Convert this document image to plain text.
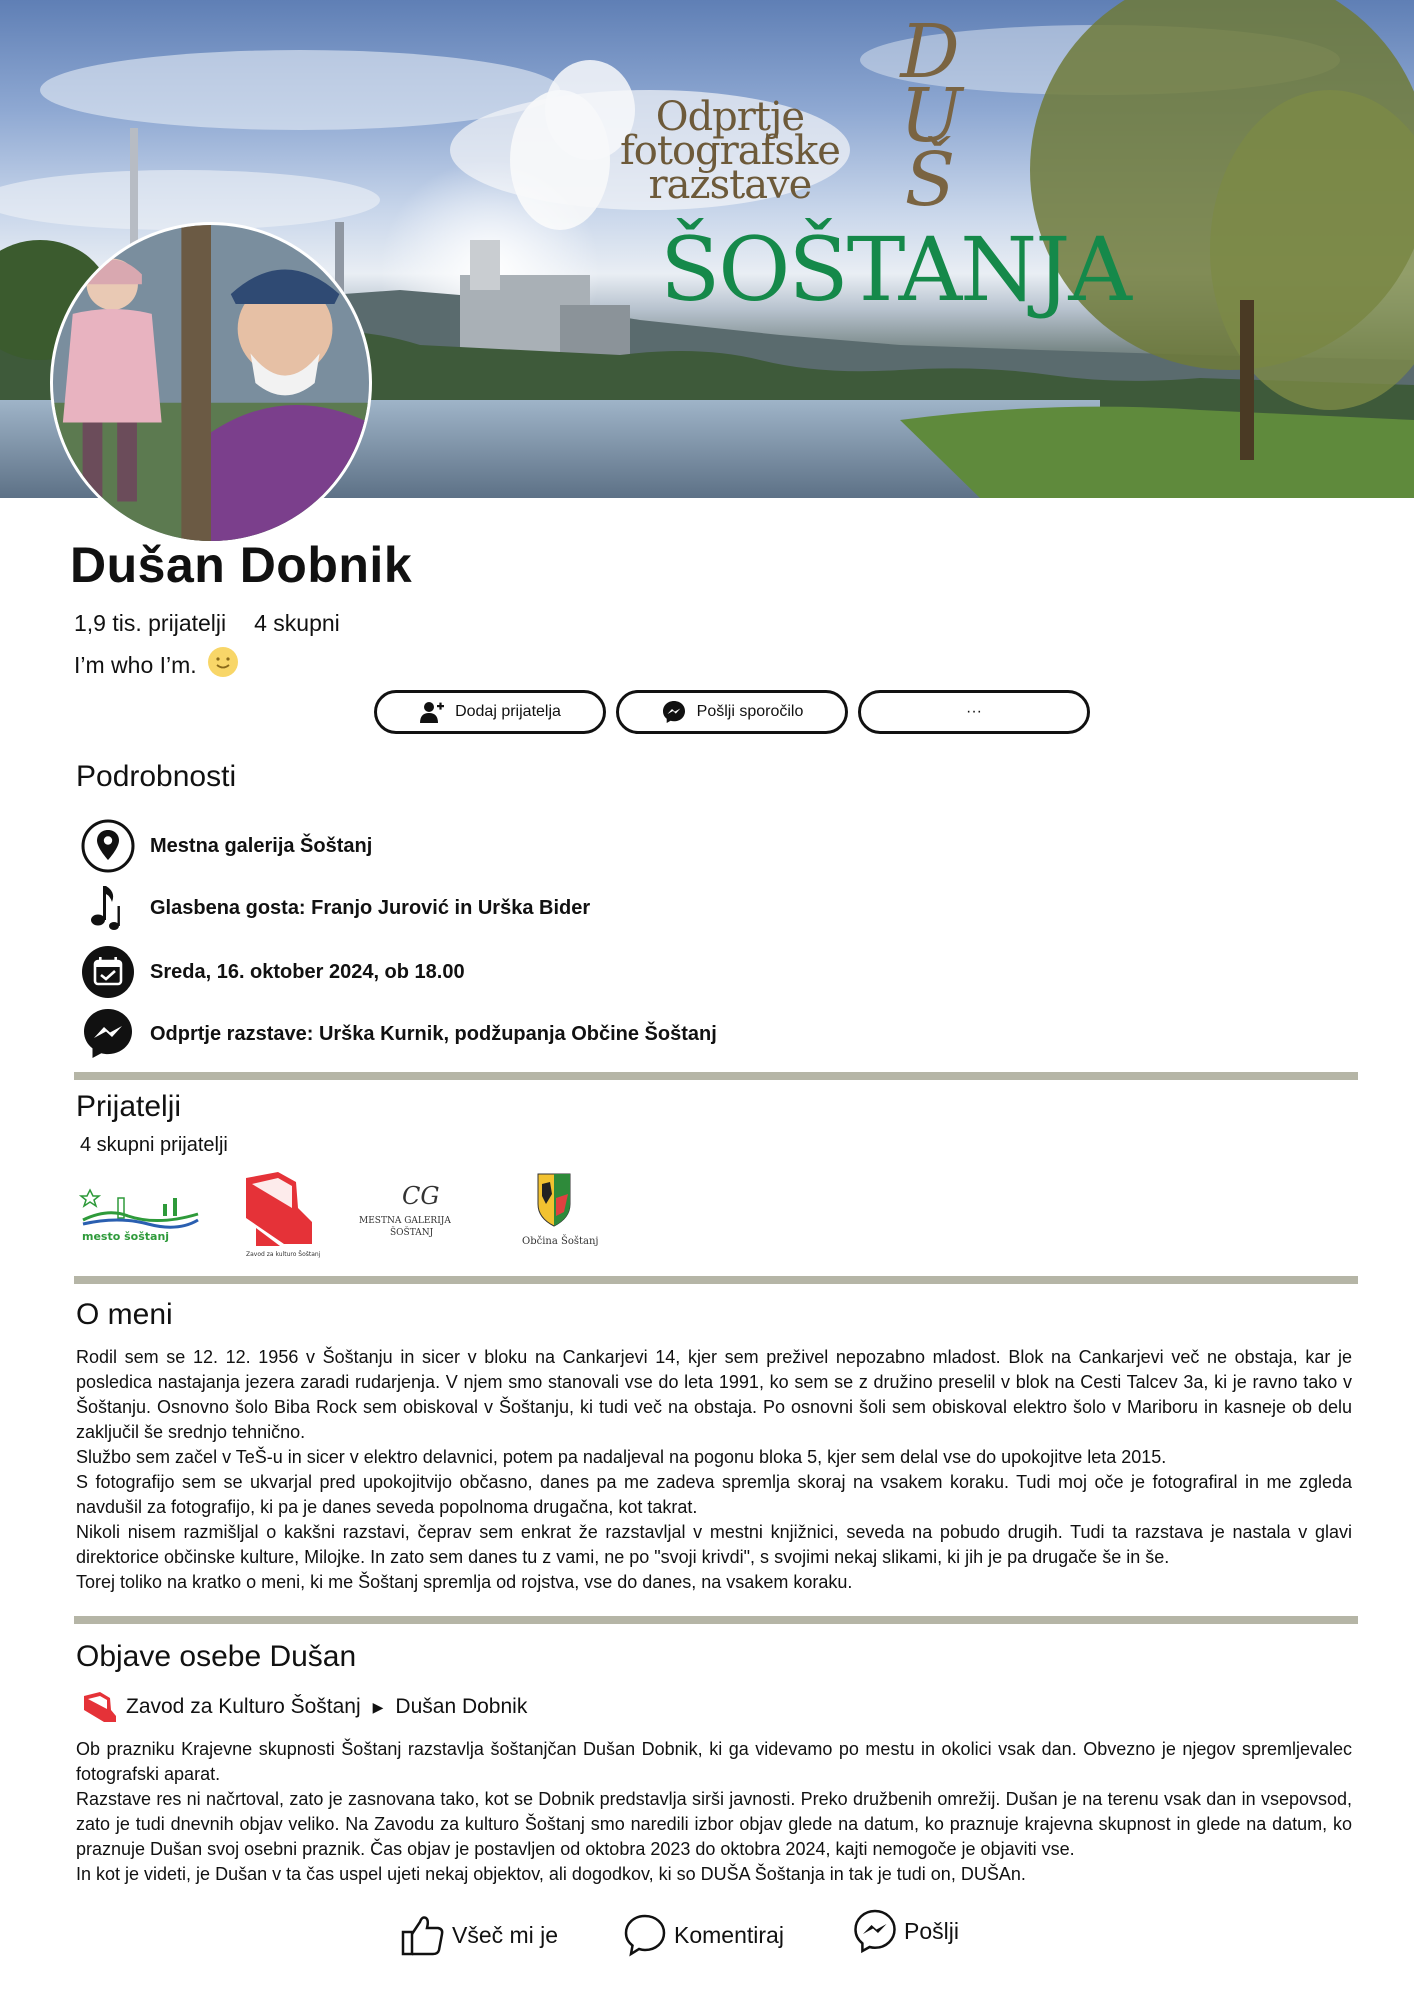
Odprtje
fotografske
razstave
D
U
Š
ŠOŠTANJA
Dušan Dobnik
1,9 tis. prijatelji 4 skupni
I’m who I’m.
Dodaj prijatelja	Pošlji sporočilo	···
Podrobnosti
Mestna galerija Šoštanj
Glasbena gosta: Franjo Jurović in Urška Bider
Sreda, 16. oktober 2024, ob 18.00
Odprtje razstave: Urška Kurnik, podžupanja Občine Šoštanj
Prijatelji
4 skupni prijatelji
mesto šoštanj
Zavod za kulturo Šoštanj
CG
MESTNA GALERIJA
ŠOŠTANJ
Občina Šoštanj
O meni

Rodil sem se 12. 12. 1956 v Šoštanju in sicer v bloku na Cankarjevi 14, kjer sem preživel nepozabno mladost. Blok na Cankarjevi več ne obstaja, kar je posledica nastajanja jezera zaradi rudarjenja. V njem smo stanovali vse do leta 1991, ko sem se z družino preselil v blok na Cesti Talcev 3a, ki je ravno tako v Šoštanju. Osnovno šolo Biba Rock sem obiskoval v Šoštanju, ki tudi več na obstaja. Po osnovni šoli sem obiskoval elektro šolo v Mariboru in kasneje ob delu zaključil še srednjo tehnično.

Službo sem začel v TeŠ-u in sicer v elektro delavnici, potem pa nadaljeval na pogonu bloka 5, kjer sem delal vse do upokojitve leta 2015.

S fotografijo sem se ukvarjal pred upokojitvijo občasno, danes pa me zadeva spremlja skoraj na vsakem koraku. Tudi moj oče je fotografiral in me zgleda navdušil za fotografijo, ki pa je danes seveda popolnoma drugačna, kot takrat.

Nikoli nisem razmišljal o kakšni razstavi, čeprav sem enkrat že razstavljal v mestni knjižnici, seveda na pobudo drugih. Tudi ta razstava je nastala v glavi direktorice občinske kulture, Milojke. In zato sem danes tu z vami, ne po "svoji krivdi", s svojimi nekaj slikami, ki jih je pa drugače še in še.

Torej toliko na kratko o meni, ki me Šoštanj spremlja od rojstva, vse do danes, na vsakem koraku.

Objave osebe Dušan
Zavod za Kulturo Šoštanj ▶ Dušan Dobnik

Ob prazniku Krajevne skupnosti Šoštanj razstavlja šoštanjčan Dušan Dobnik, ki ga videvamo po mestu in okolici vsak dan. Obvezno je njegov spremljevalec fotografski aparat.

Razstave res ni načrtoval, zato je zasnovana tako, kot se Dobnik predstavlja sirši javnosti. Preko družbenih omrežij. Dušan je na terenu vsak dan in vsepovsod, zato je tudi dnevnih objav veliko. Na Zavodu za kulturo Šoštanj smo naredili izbor objav glede na datum, ko praznuje krajevna skupnost in glede na datum, ko praznuje Dušan svoj osebni praznik. Čas objav je postavljen od oktobra 2023 do oktobra 2024, kajti nemogoče je objaviti vse.

In kot je videti, je Dušan v ta čas uspel ujeti nekaj objektov, ali dogodkov, ki so DUŠA Šoštanja in tak je tudi on, DUŠAn.

Všeč mi je	Komentiraj	Pošlji
